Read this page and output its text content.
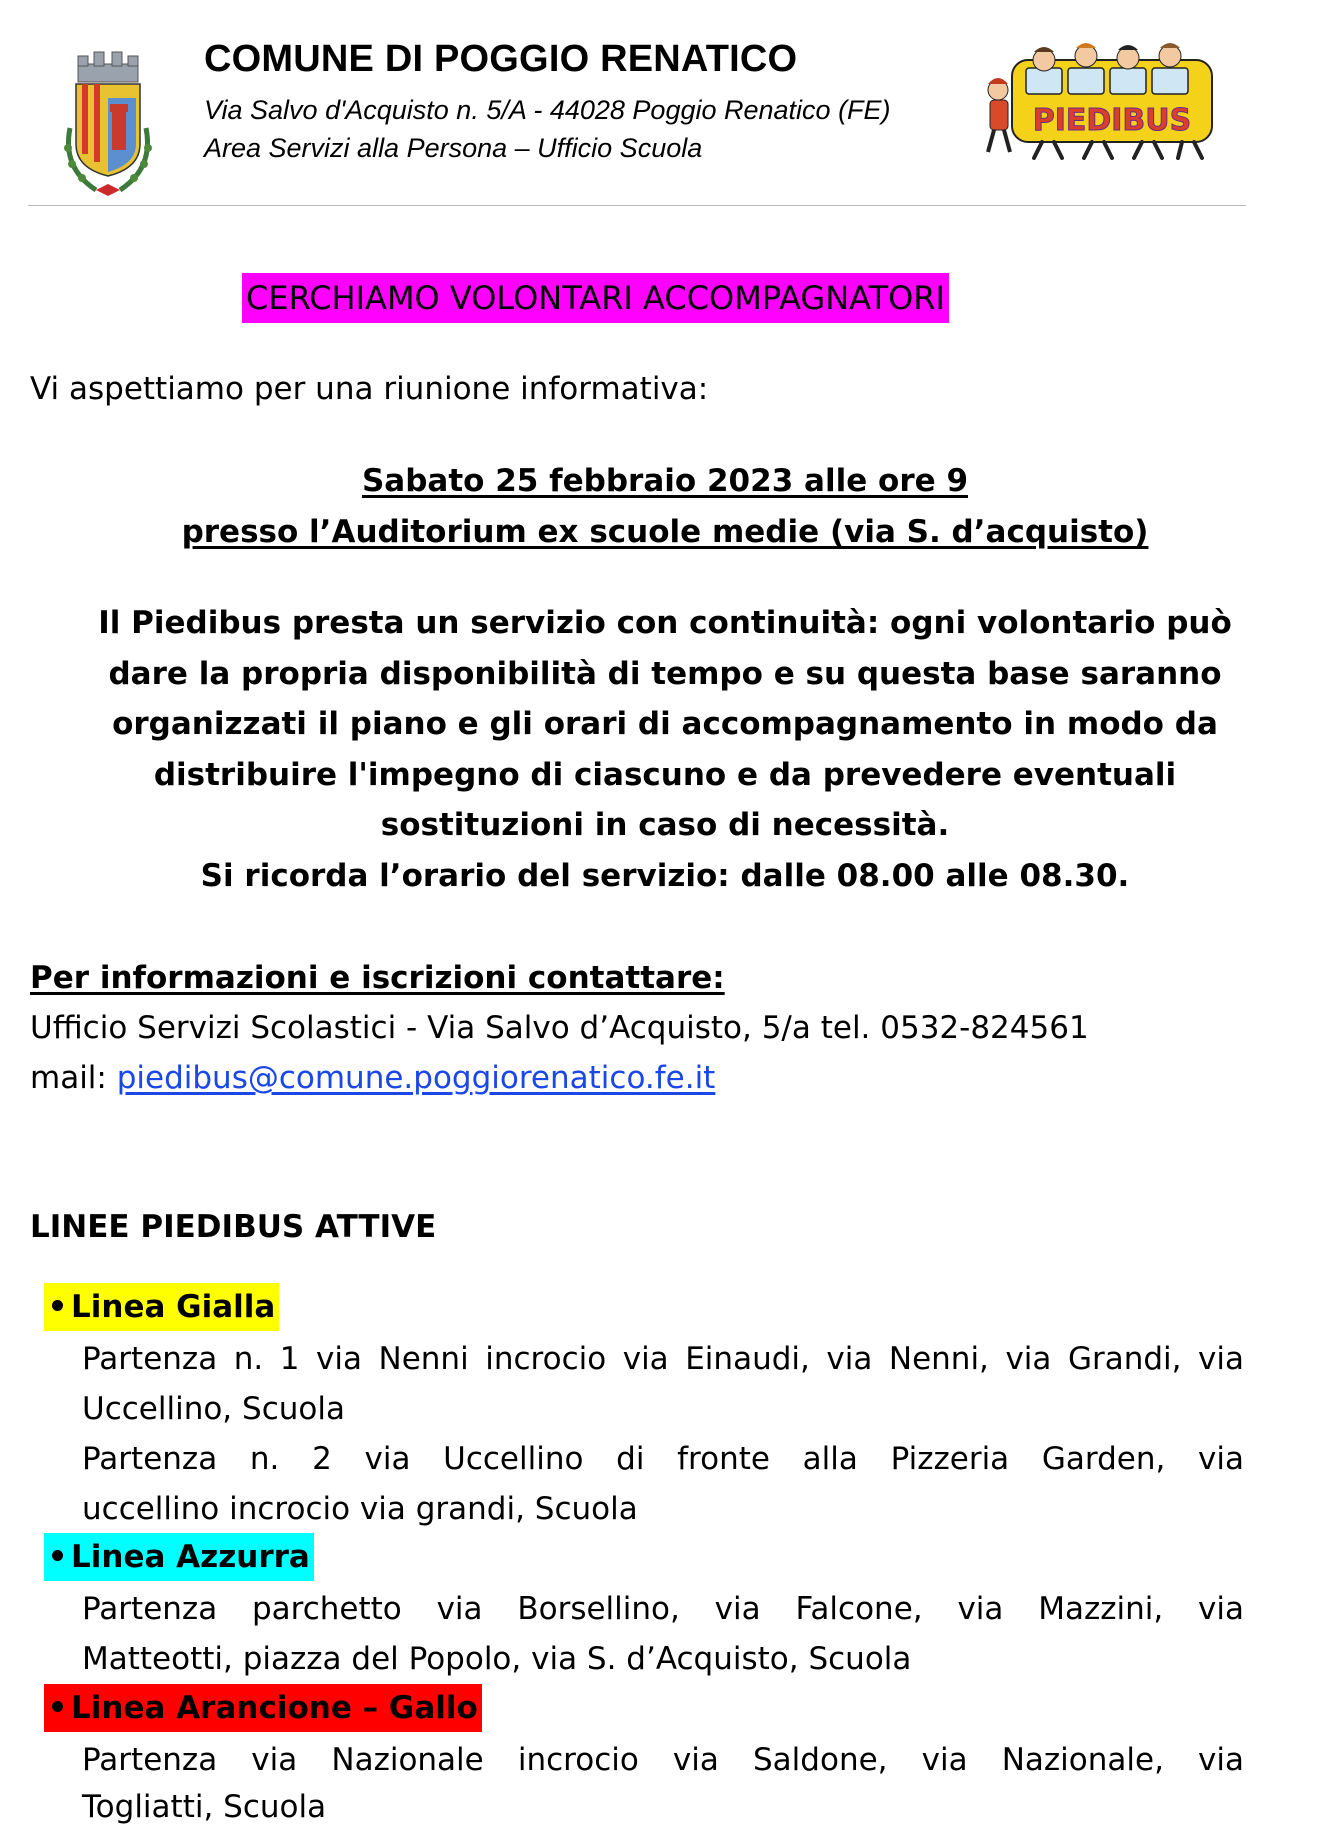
COMUNE DI POGGIO RENATICO
Via Salvo d'Acquisto n. 5/A - 44028 Poggio Renatico (FE)
Area Servizi alla Persona – Ufficio Scuola
PIEDIBUS
CERCHIAMO VOLONTARI ACCOMPAGNATORI
Vi aspettiamo per una riunione informativa:
Sabato 25 febbraio 2023 alle ore 9
presso l’Auditorium ex scuole medie (via S. d’acquisto)
Il Piedibus presta un servizio con continuità: ogni volontario può
dare la propria disponibilità di tempo e su questa base saranno
organizzati il piano e gli orari di accompagnamento in modo da
distribuire l'impegno di ciascuno e da prevedere eventuali
sostituzioni in caso di necessità.
Si ricorda l’orario del servizio: dalle 08.00 alle 08.30.
Per informazioni e iscrizioni contattare:
Ufficio Servizi Scolastici - Via Salvo d’Acquisto, 5/a tel. 0532-824561
mail: piedibus@comune.poggiorenatico.fe.it
LINEE PIEDIBUS ATTIVE
Linea Gialla
Partenza n. 1 via Nenni incrocio via Einaudi, via Nenni, via Grandi, via
Uccellino, Scuola
Partenza n. 2 via Uccellino di fronte alla Pizzeria Garden, via
uccellino incrocio via grandi, Scuola
Linea Azzurra
Partenza parchetto via Borsellino, via Falcone, via Mazzini, via
Matteotti, piazza del Popolo, via S. d’Acquisto, Scuola
Linea Arancione – Gallo
Partenza via Nazionale incrocio via Saldone, via Nazionale, via
Togliatti, Scuola
